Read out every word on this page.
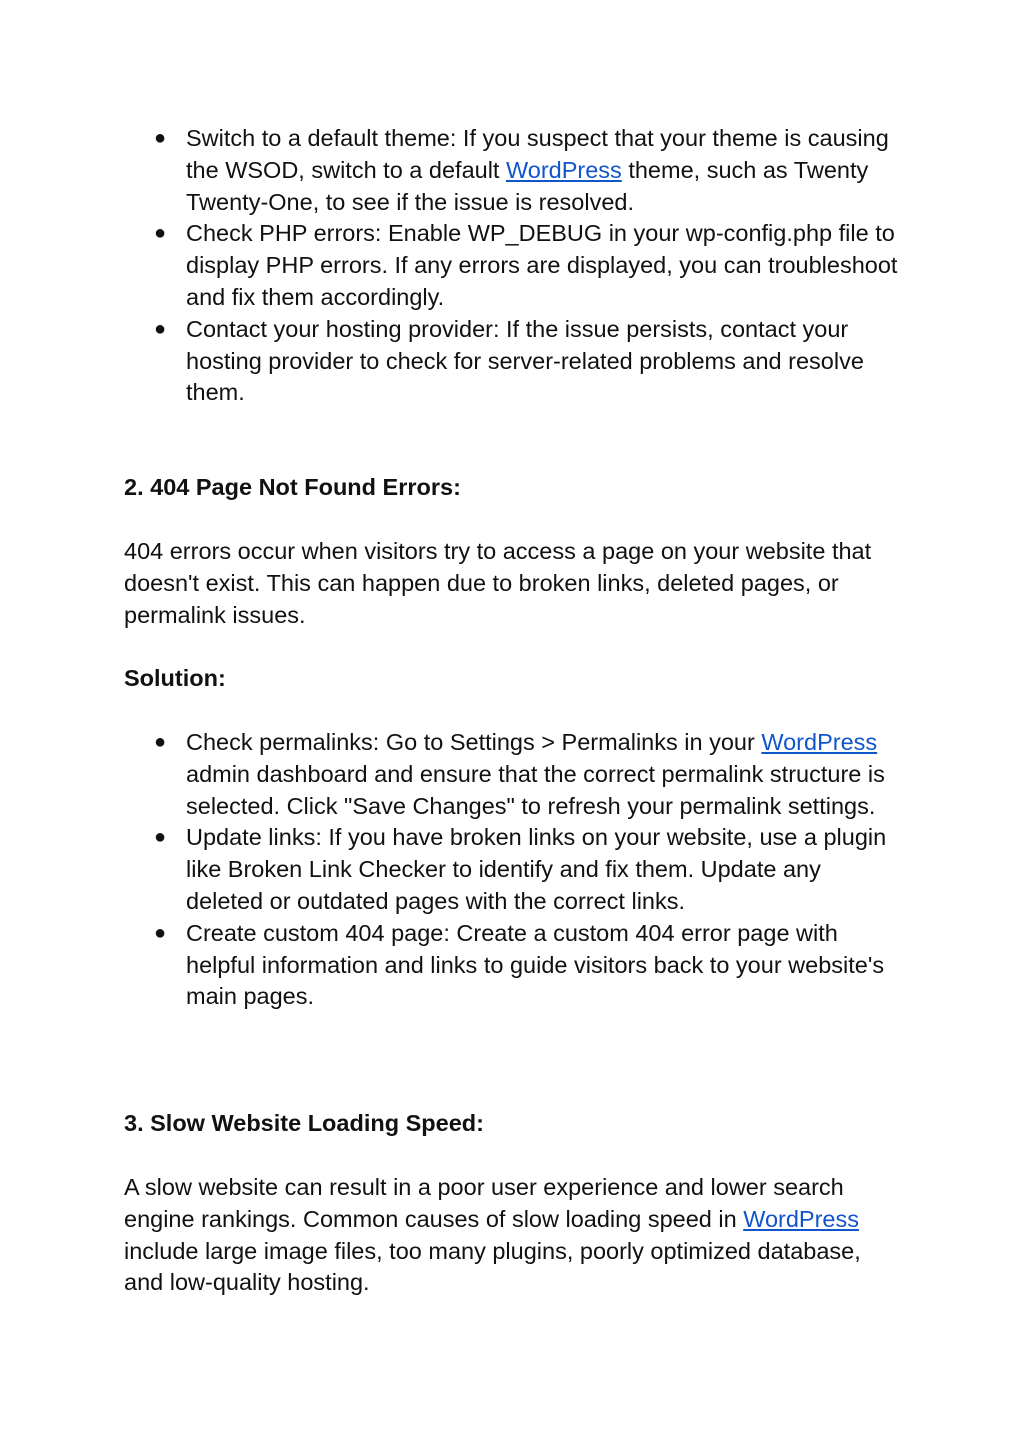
● Switch to a default theme: If you suspect that your theme is causing the WSOD, switch to a default WordPress theme, such as Twenty Twenty-One, to see if the issue is resolved.
● Check PHP errors: Enable WP_DEBUG in your wp-config.php file to display PHP errors. If any errors are displayed, you can troubleshoot and fix them accordingly.
● Contact your hosting provider: If the issue persists, contact your hosting provider to check for server-related problems and resolve them.
2. 404 Page Not Found Errors:

404 errors occur when visitors try to access a page on your website that doesn't exist. This can happen due to broken links, deleted pages, or permalink issues.

Solution:

● Check permalinks: Go to Settings > Permalinks in your WordPress admin dashboard and ensure that the correct permalink structure is selected. Click "Save Changes" to refresh your permalink settings.
● Update links: If you have broken links on your website, use a plugin like Broken Link Checker to identify and fix them. Update any deleted or outdated pages with the correct links.
● Create custom 404 page: Create a custom 404 error page with helpful information and links to guide visitors back to your website's main pages.
3. Slow Website Loading Speed:

A slow website can result in a poor user experience and lower search engine rankings. Common causes of slow loading speed in WordPress include large image files, too many plugins, poorly optimized database, and low-quality hosting.
